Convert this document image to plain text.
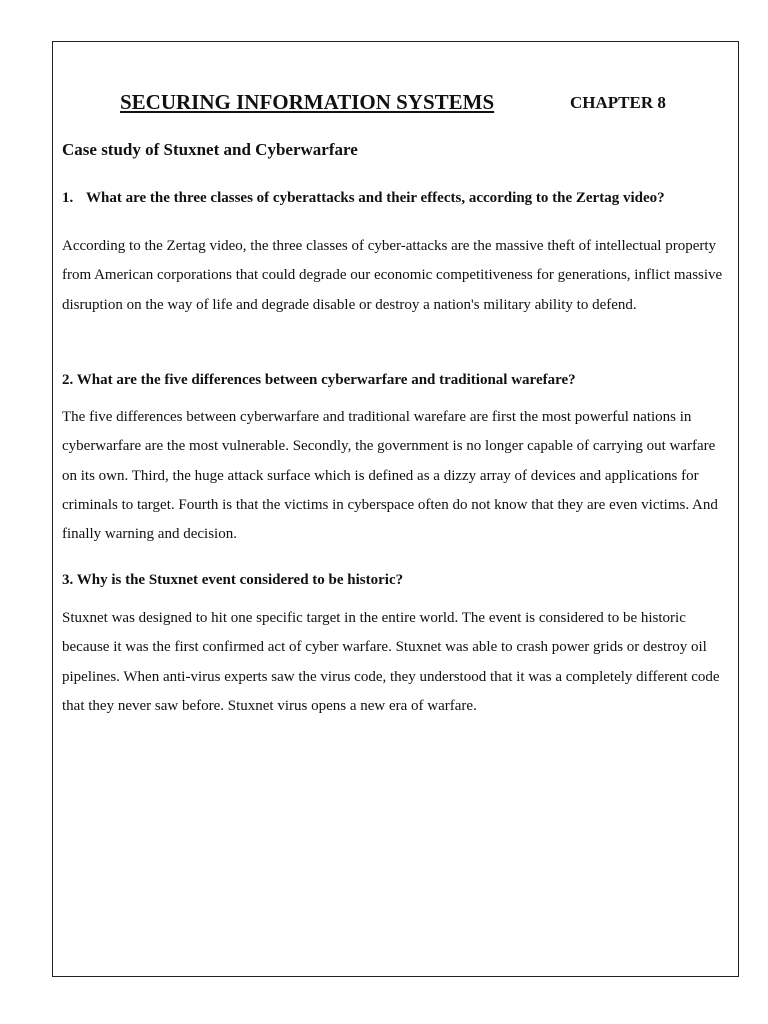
SECURING INFORMATION SYSTEMS	CHAPTER 8
Case study of Stuxnet and Cyberwarfare
1. What are the three classes of cyberattacks and their effects, according to the Zertag video?

According to the Zertag video, the three classes of cyber-attacks are the massive theft of intellectual property from American corporations that could degrade our economic competitiveness for generations, inflict massive disruption on the way of life and degrade disable or destroy a nation's military ability to defend.

2. What are the five differences between cyberwarfare and traditional warefare?

The five differences between cyberwarfare and traditional warefare are first the most powerful nations in cyberwarfare are the most vulnerable. Secondly, the government is no longer capable of carrying out warfare on its own. Third, the huge attack surface which is defined as a dizzy array of devices and applications for criminals to target. Fourth is that the victims in cyberspace often do not know that they are even victims. And finally warning and decision.

3. Why is the Stuxnet event considered to be historic?

Stuxnet was designed to hit one specific target in the entire world. The event is considered to be historic because it was the first confirmed act of cyber warfare. Stuxnet was able to crash power grids or destroy oil pipelines. When anti-virus experts saw the virus code, they understood that it was a completely different code that they never saw before. Stuxnet virus opens a new era of warfare.
